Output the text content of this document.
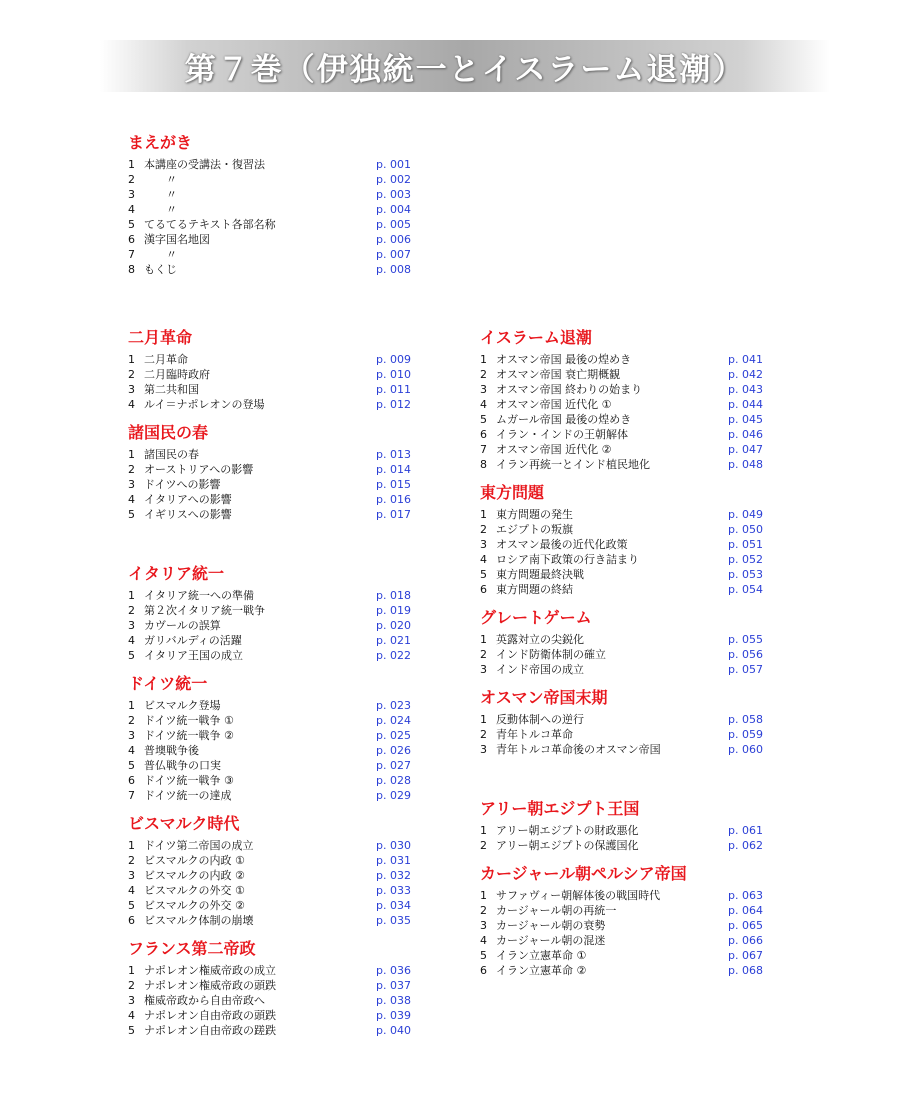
第７巻（伊独統一とイスラーム退潮）
まえがき
1 本講座の受講法・復習法	p. 001
2 　　〃	p. 002
3 　　〃	p. 003
4 　　〃	p. 004
5 てるてるテキスト各部名称	p. 005
6 漢字国名地図	p. 006
7 　　〃	p. 007
8 もくじ	p. 008
二月革命
1 二月革命	p. 009
2 二月臨時政府	p. 010
3 第二共和国	p. 011
4 ルイ＝ナポレオンの登場	p. 012
諸国民の春
1 諸国民の春	p. 013
2 オーストリアへの影響	p. 014
3 ドイツへの影響	p. 015
4 イタリアへの影響	p. 016
5 イギリスへの影響	p. 017
イタリア統一
1 イタリア統一への準備	p. 018
2 第２次イタリア統一戦争	p. 019
3 カヴールの誤算	p. 020
4 ガリバルディの活躍	p. 021
5 イタリア王国の成立	p. 022
ドイツ統一
1 ビスマルク登場	p. 023
2 ドイツ統一戦争 ①	p. 024
3 ドイツ統一戦争 ②	p. 025
4 普墺戦争後	p. 026
5 普仏戦争の口実	p. 027
6 ドイツ統一戦争 ③	p. 028
7 ドイツ統一の達成	p. 029
ビスマルク時代
1 ドイツ第二帝国の成立	p. 030
2 ビスマルクの内政 ①	p. 031
3 ビスマルクの内政 ②	p. 032
4 ビスマルクの外交 ①	p. 033
5 ビスマルクの外交 ②	p. 034
6 ビスマルク体制の崩壊	p. 035
フランス第二帝政
1 ナポレオン権威帝政の成立	p. 036
2 ナポレオン権威帝政の頭跌	p. 037
3 権威帝政から自由帝政へ	p. 038
4 ナポレオン自由帝政の頭跌	p. 039
5 ナポレオン自由帝政の蹉跌	p. 040
イスラーム退潮
1 オスマン帝国 最後の煌めき	p. 041
2 オスマン帝国 衰亡期概観	p. 042
3 オスマン帝国 終わりの始まり	p. 043
4 オスマン帝国 近代化 ①	p. 044
5 ムガール帝国 最後の煌めき	p. 045
6 イラン・インドの王朝解体	p. 046
7 オスマン帝国 近代化 ②	p. 047
8 イラン再統一とインド植民地化	p. 048
東方問題
1 東方問題の発生	p. 049
2 エジプトの叛旗	p. 050
3 オスマン最後の近代化政策	p. 051
4 ロシア南下政策の行き詰まり	p. 052
5 東方問題最終決戦	p. 053
6 東方問題の終結	p. 054
グレートゲーム
1 英露対立の尖鋭化	p. 055
2 インド防衛体制の確立	p. 056
3 インド帝国の成立	p. 057
オスマン帝国末期
1 反動体制への逆行	p. 058
2 青年トルコ革命	p. 059
3 青年トルコ革命後のオスマン帝国	p. 060
アリー朝エジプト王国
1 アリー朝エジプトの財政悪化	p. 061
2 アリー朝エジプトの保護国化	p. 062
カージャール朝ペルシア帝国
1 サファヴィー朝解体後の戦国時代	p. 063
2 カージャール朝の再統一	p. 064
3 カージャール朝の衰勢	p. 065
4 カージャール朝の混迷	p. 066
5 イラン立憲革命 ①	p. 067
6 イラン立憲革命 ②	p. 068
